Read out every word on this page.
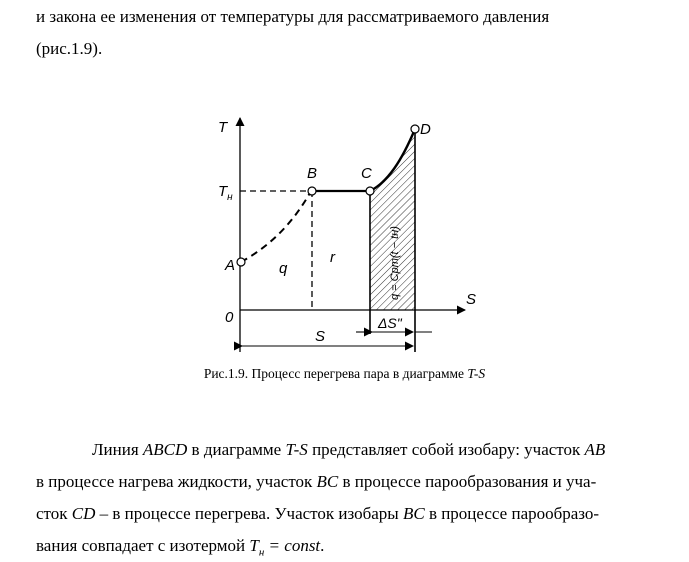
и закона ее изменения от температуры для рассматриваемого давления
(рис.1.9).
T
S
0
$T_н$
A
B	C
D
q
r
S
ΔS"
q = Cpm(t − tн)
Рис.1.9. Процесс перегрева пара в диаграмме T-S
Линия ABCD в диаграмме T-S представляет собой изобару: участок AB
в процессе нагрева жидкости, участок BC в процессе парообразования и уча-
сток CD – в процессе перегрева. Участок изобары BC в процессе парообразо-
вания совпадает с изотермой $T_н$ = const.
